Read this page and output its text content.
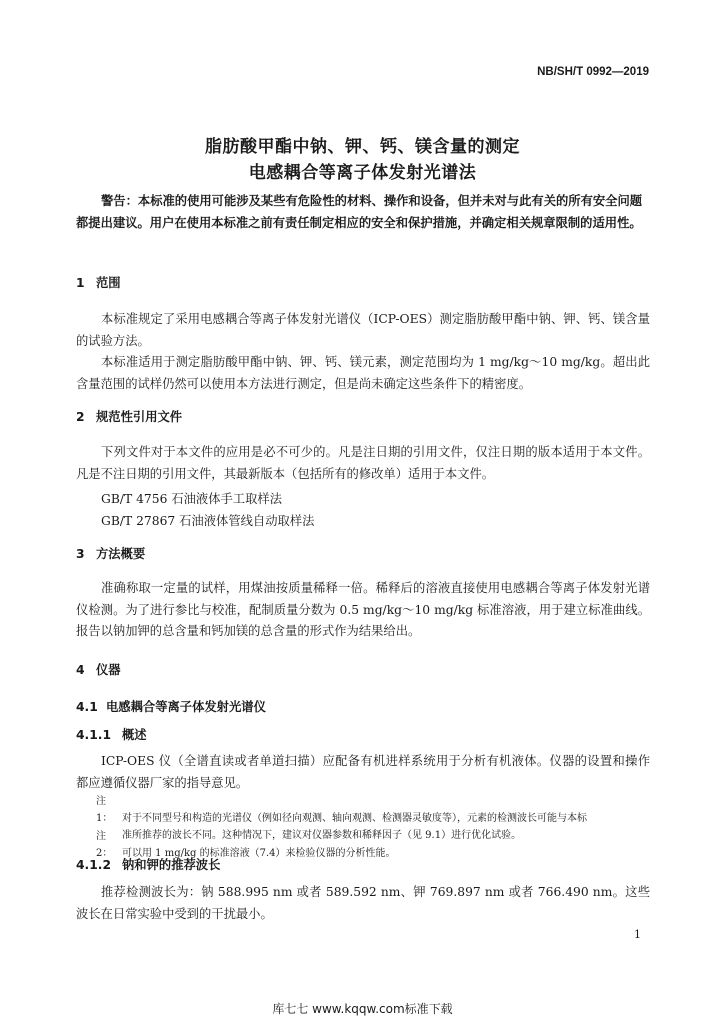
NB/SH/T 0992—2019
脂肪酸甲酯中钠、钾、钙、镁含量的测定
电感耦合等离子体发射光谱法
警告：本标准的使用可能涉及某些有危险性的材料、操作和设备，但并未对与此有关的所有安全问题都提出建议。用户在使用本标准之前有责任制定相应的安全和保护措施，并确定相关规章限制的适用性。
1 范围
本标准规定了采用电感耦合等离子体发射光谱仪（ICP-OES）测定脂肪酸甲酯中钠、钾、钙、镁含量的试验方法。
本标准适用于测定脂肪酸甲酯中钠、钾、钙、镁元素，测定范围均为 1 mg/kg～10 mg/kg。超出此含量范围的试样仍然可以使用本方法进行测定，但是尚未确定这些条件下的精密度。
2 规范性引用文件
下列文件对于本文件的应用是必不可少的。凡是注日期的引用文件，仅注日期的版本适用于本文件。凡是不注日期的引用文件，其最新版本（包括所有的修改单）适用于本文件。
GB/T 4756 石油液体手工取样法
GB/T 27867 石油液体管线自动取样法
3 方法概要
准确称取一定量的试样，用煤油按质量稀释一倍。稀释后的溶液直接使用电感耦合等离子体发射光谱仪检测。为了进行参比与校准，配制质量分数为 0.5 mg/kg～10 mg/kg 标准溶液，用于建立标准曲线。报告以钠加钾的总含量和钙加镁的总含量的形式作为结果给出。
4 仪器
4.1 电感耦合等离子体发射光谱仪
4.1.1 概述
ICP-OES 仪（全谱直读或者单道扫描）应配备有机进样系统用于分析有机液体。仪器的设置和操作都应遵循仪器厂家的指导意见。
注 1： 对于不同型号和构造的光谱仪（例如径向观测、轴向观测、检测器灵敏度等），元素的检测波长可能与本标
准所推荐的波长不同。这种情况下，建议对仪器参数和稀释因子（见 9.1）进行优化试验。
注 2： 可以用 1 mg/kg 的标准溶液（7.4）来检验仪器的分析性能。
4.1.2 钠和钾的推荐波长
推荐检测波长为：钠 588.995 nm 或者 589.592 nm、钾 769.897 nm 或者 766.490 nm。这些波长在日常实验中受到的干扰最小。
1
库七七 www.kqqw.com标准下载
